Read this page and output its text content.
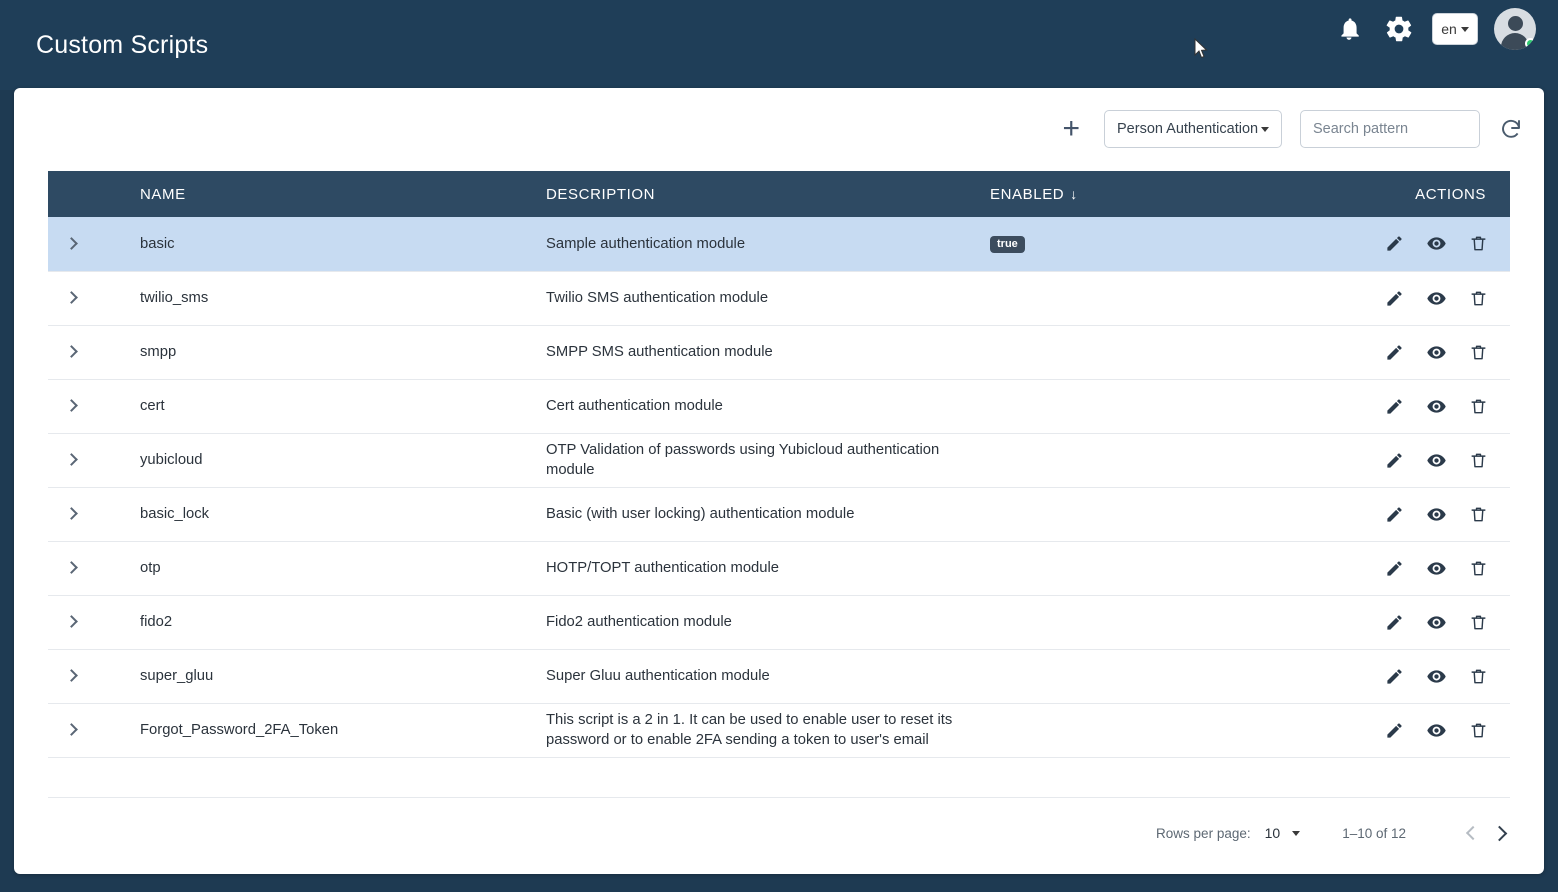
Custom Scripts
en
+	Person Authentication
Search pattern
	NAME	DESCRIPTION	ENABLED ↓	ACTIONS
	basic	Sample authentication module	true	

	twilio_sms	Twilio SMS authentication module		

	smpp	SMPP SMS authentication module		

	cert	Cert authentication module		

	yubicloud	OTP Validation of passwords using Yubicloud authentication module		

	basic_lock	Basic (with user locking) authentication module		

	otp	HOTP/TOPT authentication module		

	fido2	Fido2 authentication module		

	super_gluu	Super Gluu authentication module		

	Forgot_Password_2FA_Token	This script is a 2 in 1. It can be used to enable user to reset its password or to enable 2FA sending a token to user's email		
Rows per page: 10	1–10 of 12
